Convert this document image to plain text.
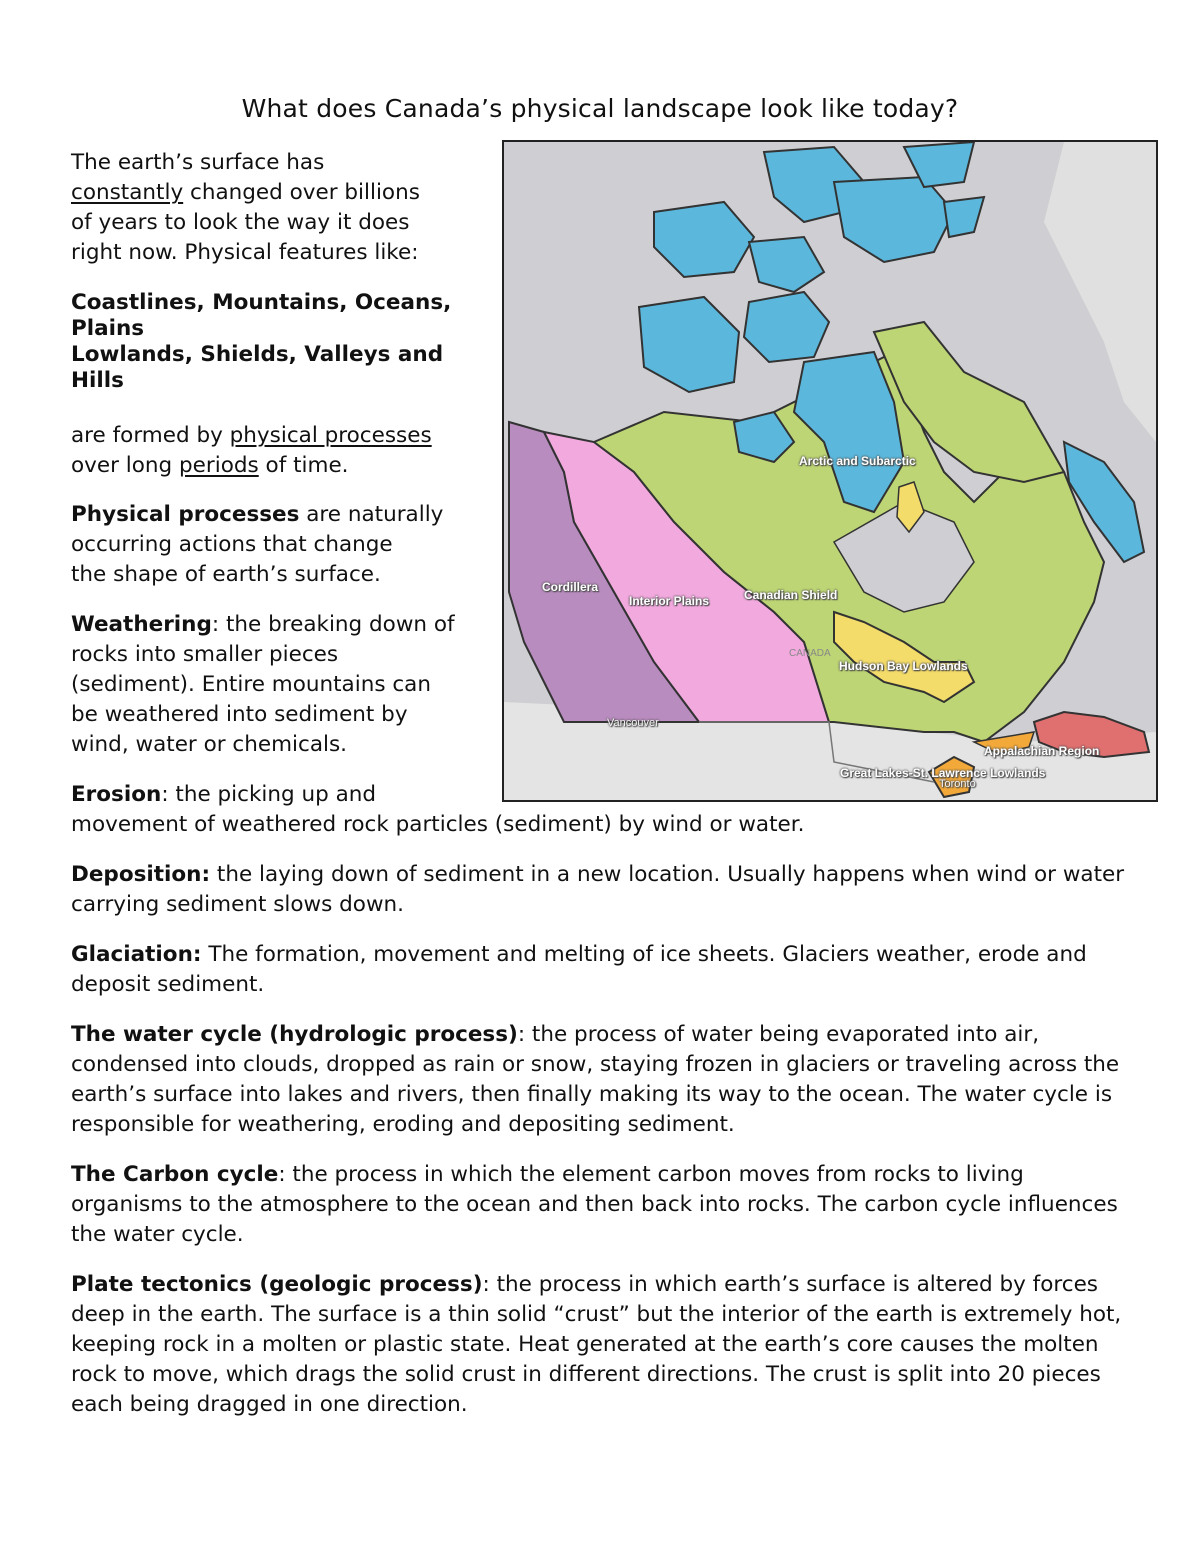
What does Canada’s physical landscape look like today?

The earth’s surface has

constantly changed over billions

of years to look the way it does

right now. Physical features like:

Coastlines, Mountains, Oceans,

Plains

Lowlands, Shields, Valleys and

Hills

are formed by physical processes

over long periods of time.

Physical processes are naturally

occurring actions that change

the shape of earth’s surface.

Weathering: the breaking down of

rocks into smaller pieces

(sediment). Entire mountains can

be weathered into sediment by

wind, water or chemicals.

Erosion: the picking up and
movement of weathered rock particles (sediment) by wind or water.

Deposition: the laying down of sediment in a new location. Usually happens when wind or water carrying sediment slows down.

Glaciation: The formation, movement and melting of ice sheets. Glaciers weather, erode and deposit sediment.

The water cycle (hydrologic process): the process of water being evaporated into air, condensed into clouds, dropped as rain or snow, staying frozen in glaciers or traveling across the earth’s surface into lakes and rivers, then finally making its way to the ocean. The water cycle is responsible for weathering, eroding and depositing sediment.

The Carbon cycle: the process in which the element carbon moves from rocks to living organisms to the atmosphere to the ocean and then back into rocks. The carbon cycle influences the water cycle.

Plate tectonics (geologic process): the process in which earth’s surface is altered by forces deep in the earth. The surface is a thin solid “crust” but the interior of the earth is extremely hot, keeping rock in a molten or plastic state. Heat generated at the earth’s core causes the molten rock to move, which drags the solid crust in different directions. The crust is split into 20 pieces each being dragged in one direction.

Arctic and Subarctic
Cordillera
Interior Plains	Canadian Shield
CANADA
Hudson Bay Lowlands
Vancouver
Appalachian Region
Great Lakes-St. Lawrence Lowlands
Toronto
